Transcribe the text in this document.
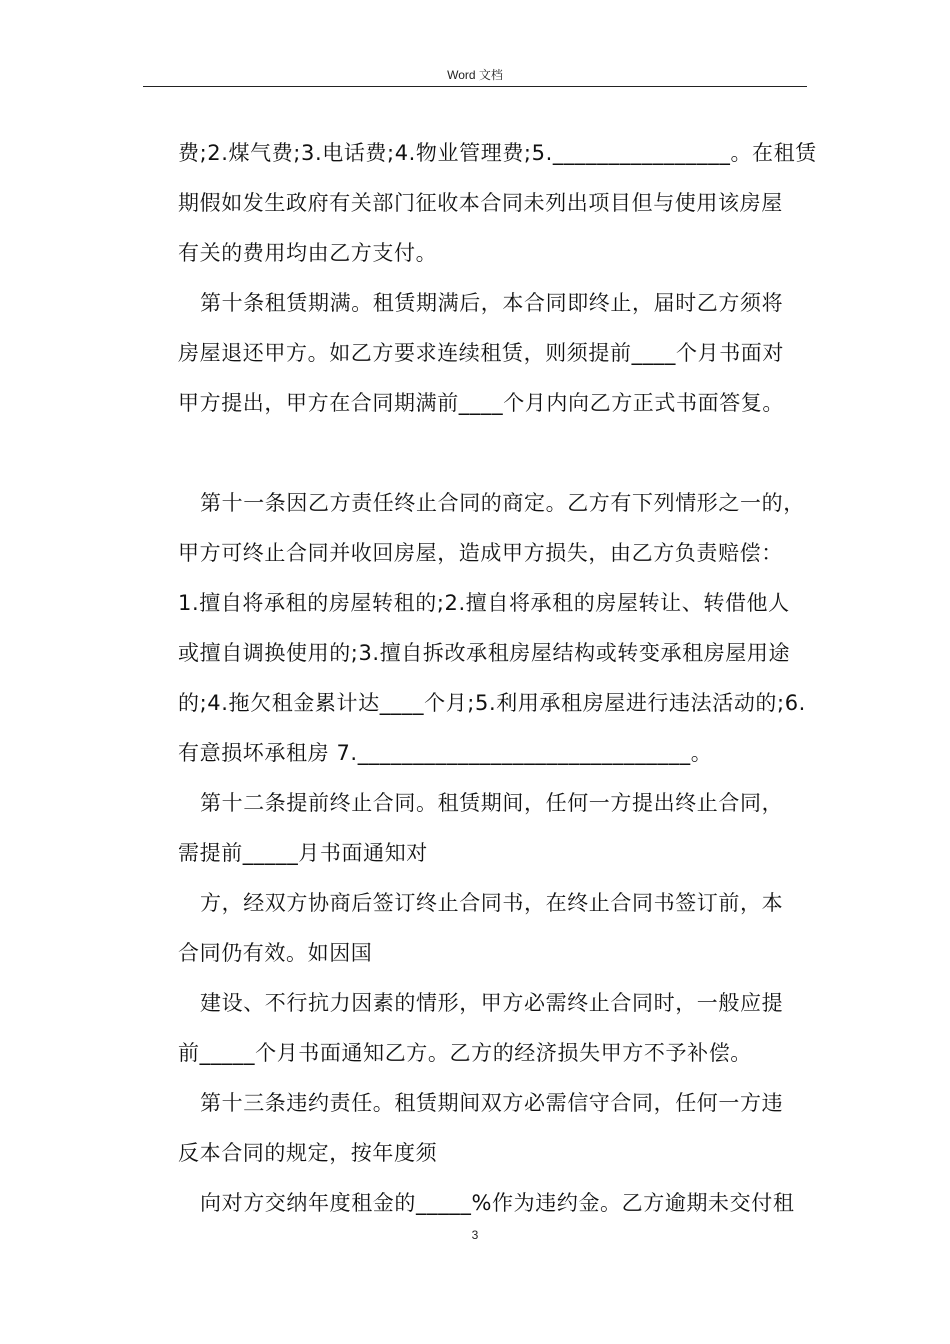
Word 文档
费;2.煤气费;3.电话费;4.物业管理费;5.________________。在租赁
期假如发生政府有关部门征收本合同未列出项目但与使用该房屋
有关的费用均由乙方支付。
第十条租赁期满。租赁期满后，本合同即终止，届时乙方须将
房屋退还甲方。如乙方要求连续租赁，则须提前____个月书面对
甲方提出，甲方在合同期满前____个月内向乙方正式书面答复。
第十一条因乙方责任终止合同的商定。乙方有下列情形之一的，
甲方可终止合同并收回房屋，造成甲方损失，由乙方负责赔偿：
1.擅自将承租的房屋转租的;2.擅自将承租的房屋转让、转借他人
或擅自调换使用的;3.擅自拆改承租房屋结构或转变承租房屋用途
的;4.拖欠租金累计达____个月;5.利用承租房屋进行违法活动的;6.
有意损坏承租房 7.______________________________。
第十二条提前终止合同。租赁期间，任何一方提出终止合同，
需提前_____月书面通知对
方，经双方协商后签订终止合同书，在终止合同书签订前，本
合同仍有效。如因国
建设、不行抗力因素的情形，甲方必需终止合同时，一般应提
前_____个月书面通知乙方。乙方的经济损失甲方不予补偿。
第十三条违约责任。租赁期间双方必需信守合同，任何一方违
反本合同的规定，按年度须
向对方交纳年度租金的_____%作为违约金。乙方逾期未交付租
3
